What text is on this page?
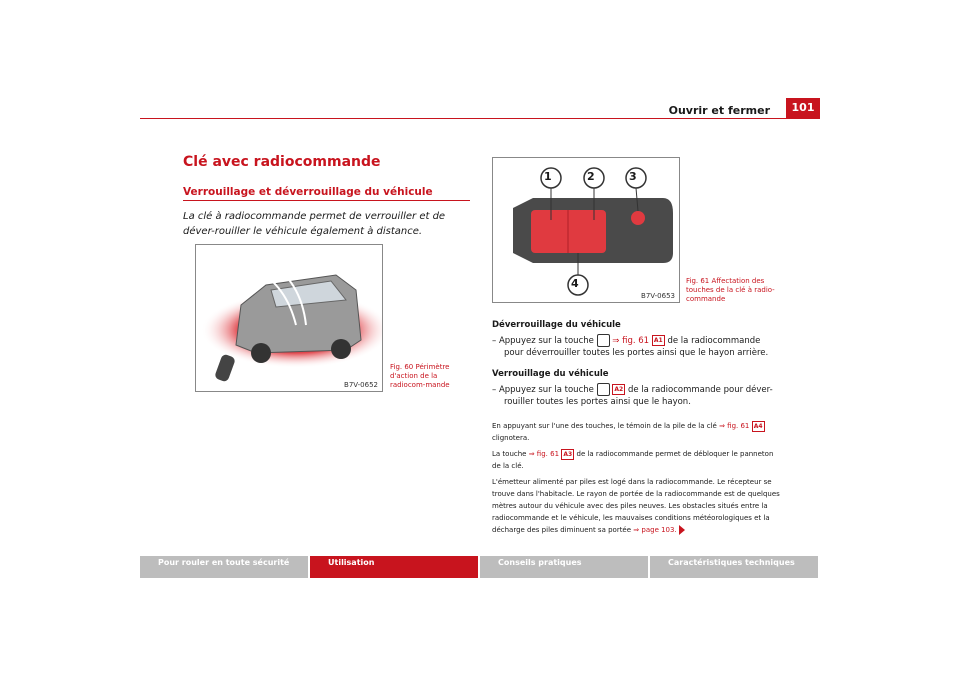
Ouvrir et fermer	101
Clé avec radiocommande
Verrouillage et déverrouillage du véhicule
La clé à radiocommande permet de verrouiller et de déver-rouiller le véhicule également à distance.
B7V-0652
Fig. 60 Périmètre d'action de la radiocom-mande
1	2	3
4
B7V-0653
Fig. 61 Affectation des touches de la clé à radio-commande
Déverrouillage du véhicule
– Appuyez sur la touche ⇒ fig. 61 A1 de la radiocommande
pour déverrouiller toutes les portes ainsi que le hayon arrière.
Verrouillage du véhicule
– Appuyez sur la touche	A2 de la radiocommande pour déver-
rouiller toutes les portes ainsi que le hayon.
En appuyant sur l'une des touches, le témoin de la pile de la clé ⇒ fig. 61 A4 clignotera.
La touche ⇒ fig. 61 A3 de la radiocommande permet de débloquer le panneton de la clé.
L'émetteur alimenté par piles est logé dans la radiocommande. Le récepteur se trouve dans l'habitacle. Le rayon de portée de la radiocommande est de quelques mètres autour du véhicule avec des piles neuves. Les obstacles situés entre la radiocommande et le véhicule, les mauvaises conditions météorologiques et la décharge des piles diminuent sa portée ⇒ page 103.
Pour rouler en toute sécurité	Utilisation	Conseils pratiques	Caractéristiques techniques
